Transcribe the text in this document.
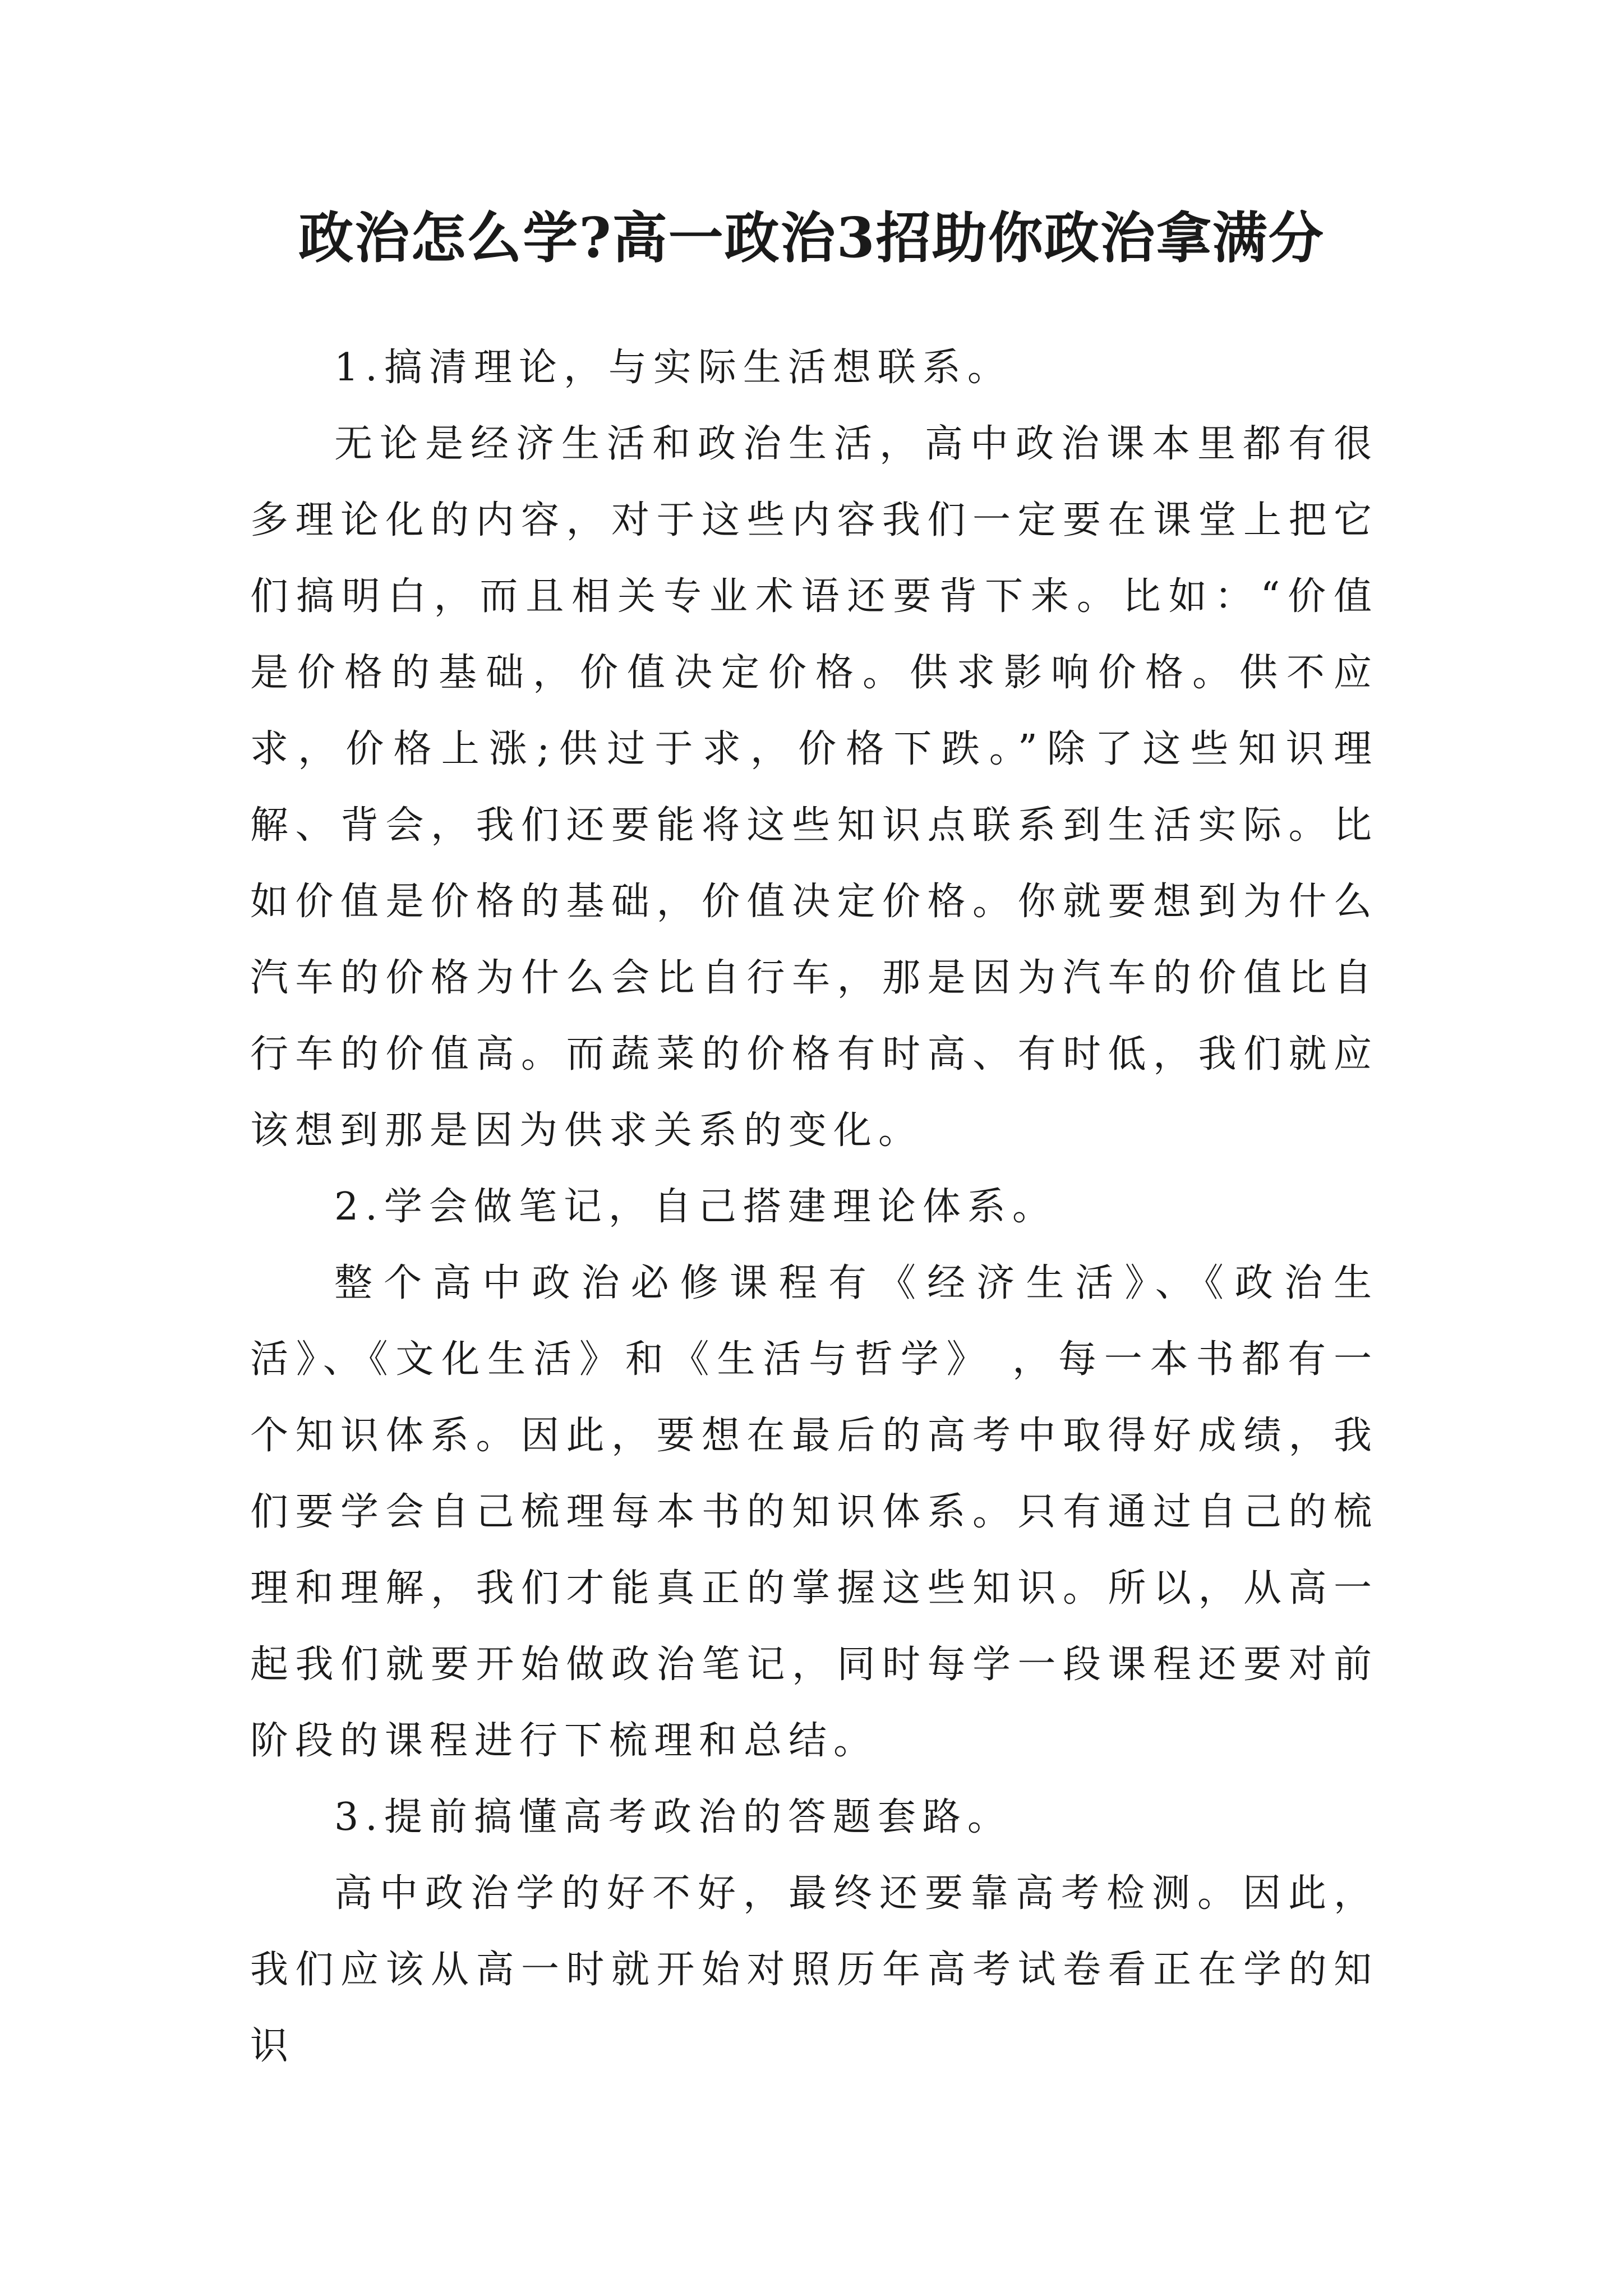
政治怎么学?高一政治3招助你政治拿满分

1.搞清理论，与实际生活想联系。

无论是经济生活和政治生活，高中政治课本里都有很多理论化的内容，对于这些内容我们一定要在课堂上把它们搞明白，而且相关专业术语还要背下来。比如：“价值是价格的基础，价值决定价格。供求影响价格。供不应求，价格上涨;供过于求，价格下跌。”除了这些知识理解、背会，我们还要能将这些知识点联系到生活实际。比如价值是价格的基础，价值决定价格。你就要想到为什么汽车的价格为什么会比自行车，那是因为汽车的价值比自行车的价值高。而蔬菜的价格有时高、有时低，我们就应该想到那是因为供求关系的变化。

2.学会做笔记，自己搭建理论体系。

整个高中政治必修课程有《经济生活》、《政治生活》、《文化生活》和《生活与哲学》 ，每一本书都有一个知识体系。因此，要想在最后的高考中取得好成绩，我们要学会自己梳理每本书的知识体系。只有通过自己的梳理和理解，我们才能真正的掌握这些知识。所以，从高一起我们就要开始做政治笔记，同时每学一段课程还要对前阶段的课程进行下梳理和总结。

3.提前搞懂高考政治的答题套路。

高中政治学的好不好，最终还要靠高考检测。因此，我们应该从高一时就开始对照历年高考试卷看正在学的知识
